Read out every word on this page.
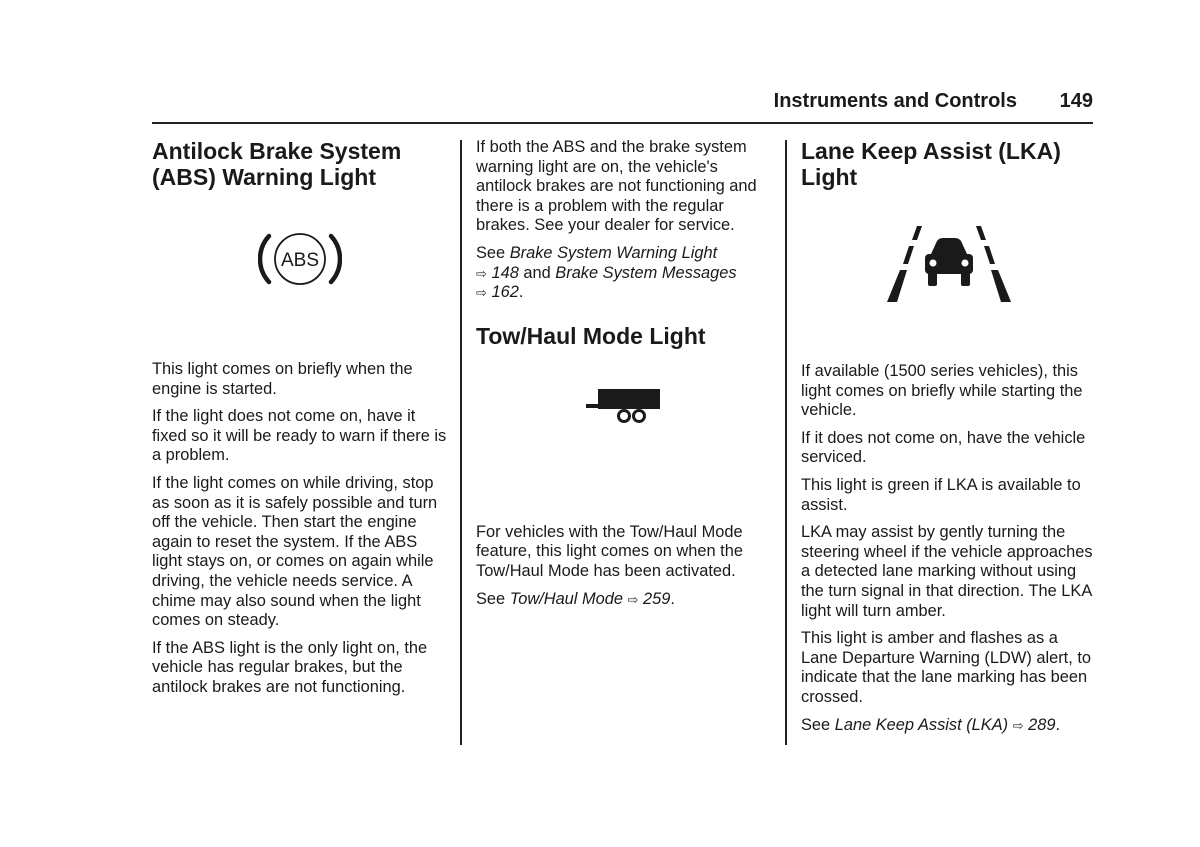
Instruments and Controls 149
Antilock Brake System
(ABS) Warning Light
ABS

This light comes on briefly when the engine is started.

If the light does not come on, have it fixed so it will be ready to warn if there is a problem.

If the light comes on while driving, stop as soon as it is safely possible and turn off the vehicle. Then start the engine again to reset the system. If the ABS light stays on, or comes on again while driving, the vehicle needs service. A chime may also sound when the light comes on steady.

If the ABS light is the only light on, the vehicle has regular brakes, but the antilock brakes are not functioning.

If both the ABS and the brake system warning light are on, the vehicle's antilock brakes are not functioning and there is a problem with the regular brakes. See your dealer for service.

See Brake System Warning Light
⇨ 148 and Brake System Messages
⇨ 162.

Tow/Haul Mode Light

For vehicles with the Tow/Haul Mode feature, this light comes on when the Tow/Haul Mode has been activated.

See Tow/Haul Mode ⇨ 259.

Lane Keep Assist (LKA)
Light

If available (1500 series vehicles), this light comes on briefly while starting the vehicle.

If it does not come on, have the vehicle serviced.

This light is green if LKA is available to assist.

LKA may assist by gently turning the steering wheel if the vehicle approaches a detected lane marking without using the turn signal in that direction. The LKA light will turn amber.

This light is amber and flashes as a Lane Departure Warning (LDW) alert, to indicate that the lane marking has been crossed.

See Lane Keep Assist (LKA) ⇨ 289.
